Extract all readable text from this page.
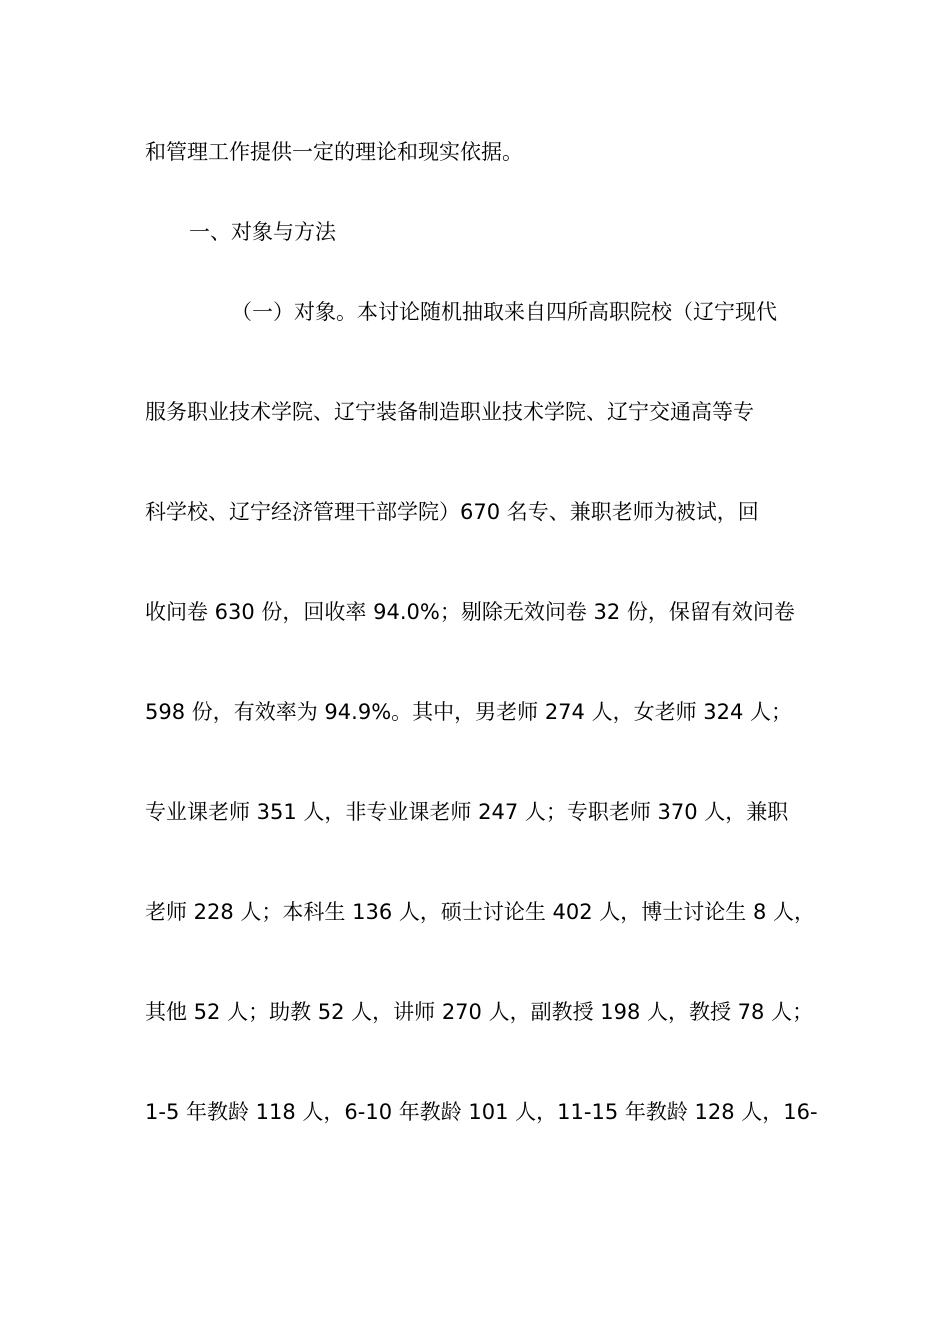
和管理工作提供一定的理论和现实依据。
一、对象与方法
（一）对象。本讨论随机抽取来自四所高职院校（辽宁现代
服务职业技术学院、辽宁装备制造职业技术学院、辽宁交通高等专
科学校、辽宁经济管理干部学院）670 名专、兼职老师为被试，回
收问卷 630 份，回收率 94.0%；剔除无效问卷 32 份，保留有效问卷
598 份，有效率为 94.9%。其中，男老师 274 人，女老师 324 人；
专业课老师 351 人，非专业课老师 247 人；专职老师 370 人，兼职
老师 228 人；本科生 136 人，硕士讨论生 402 人，博士讨论生 8 人，
其他 52 人；助教 52 人，讲师 270 人，副教授 198 人，教授 78 人；
1-5 年教龄 118 人，6-10 年教龄 101 人，11-15 年教龄 128 人，16-
